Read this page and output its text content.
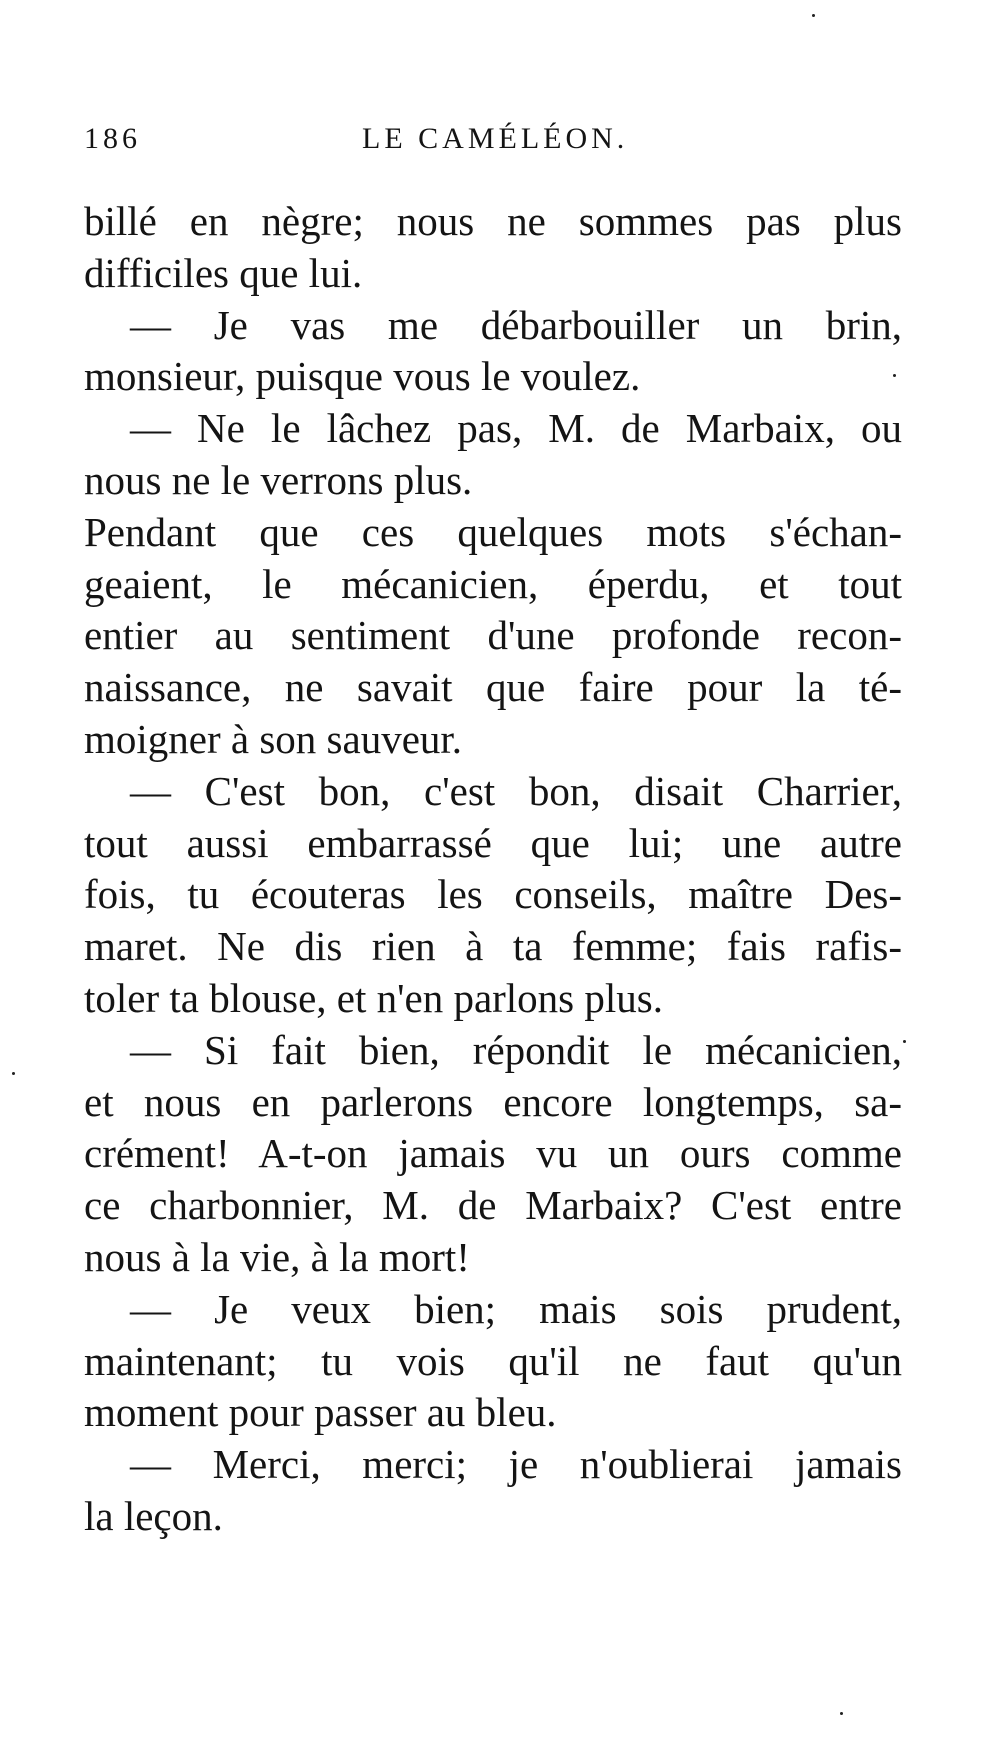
186	LE CAMÉLÉON.
billé en nègre; nous ne sommes pas plus
difficiles que lui.
— Je vas me débarbouiller un brin,
monsieur, puisque vous le voulez.
— Ne le lâchez pas, M. de Marbaix, ou
nous ne le verrons plus.
Pendant que ces quelques mots s'échan-
geaient, le mécanicien, éperdu, et tout
entier au sentiment d'une profonde recon-
naissance, ne savait que faire pour la té-
moigner à son sauveur.
— C'est bon, c'est bon, disait Charrier,
tout aussi embarrassé que lui; une autre
fois, tu écouteras les conseils, maître Des-
maret. Ne dis rien à ta femme; fais rafis-
toler ta blouse, et n'en parlons plus.
— Si fait bien, répondit le mécanicien,
et nous en parlerons encore longtemps, sa-
crément! A-t-on jamais vu un ours comme
ce charbonnier, M. de Marbaix? C'est entre
nous à la vie, à la mort!
— Je veux bien; mais sois prudent,
maintenant; tu vois qu'il ne faut qu'un
moment pour passer au bleu.
— Merci, merci; je n'oublierai jamais
la leçon.
